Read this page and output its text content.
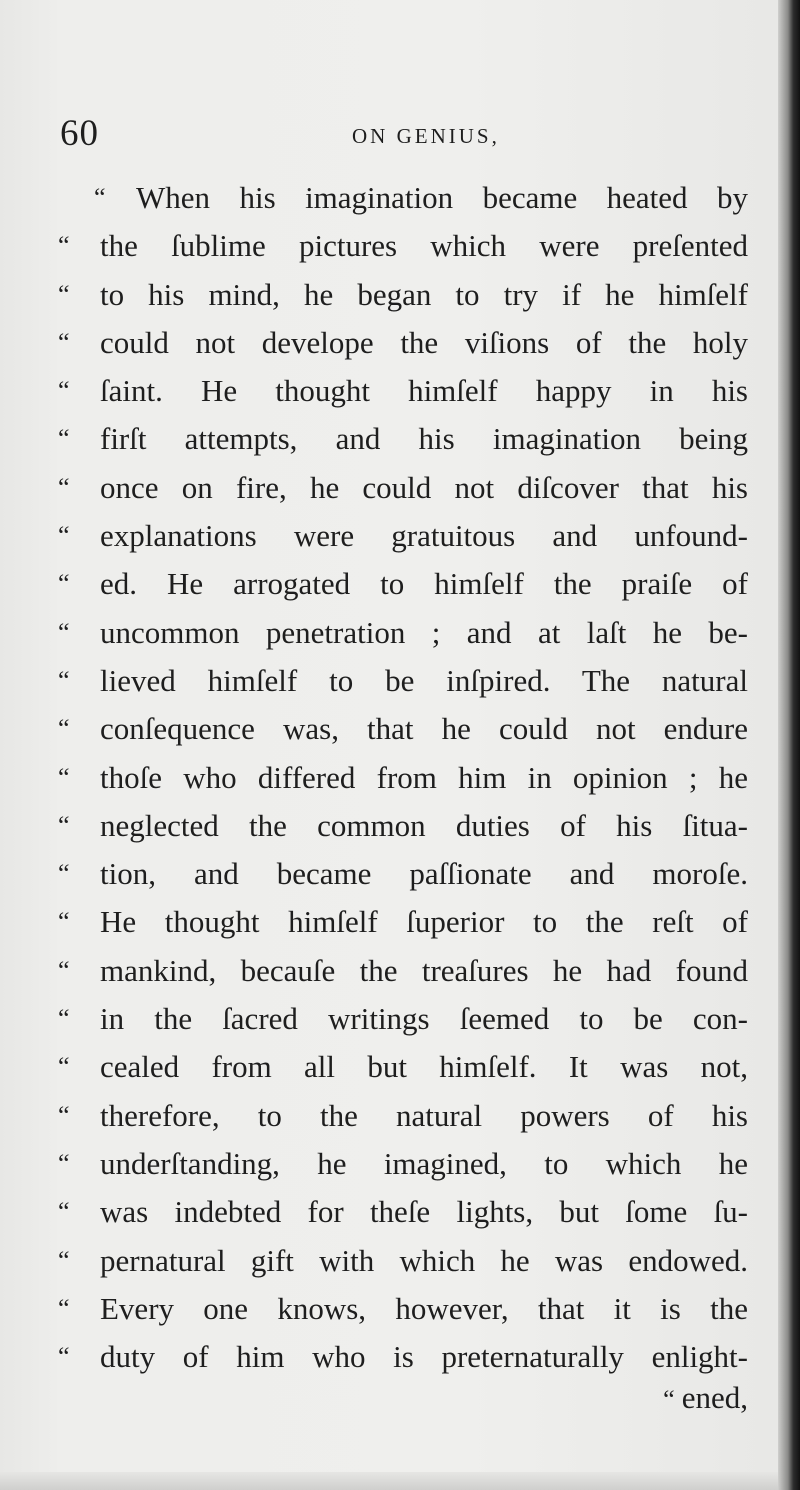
60	ON GENIUS,
“ When his imagination became heated by
“ the ſublime pictures which were preſented
“ to his mind, he began to try if he himſelf
“ could not develope the viſions of the holy
“ ſaint. He thought himſelf happy in his
“ firſt attempts, and his imagination being
“ once on fire, he could not diſcover that his
“ explanations were gratuitous and unfound-
“ ed. He arrogated to himſelf the praiſe of
“ uncommon penetration ; and at laſt he be-
“ lieved himſelf to be inſpired. The natural
“ conſequence was, that he could not endure
“ thoſe who differed from him in opinion ; he
“ neglected the common duties of his ſitua-
“ tion, and became paſſionate and moroſe.
“ He thought himſelf ſuperior to the reſt of
“ mankind, becauſe the treaſures he had found
“ in the ſacred writings ſeemed to be con-
“ cealed from all but himſelf. It was not,
“ therefore, to the natural powers of his
“ underſtanding, he imagined, to which he
“ was indebted for theſe lights, but ſome ſu-
“ pernatural gift with which he was endowed.
“ Every one knows, however, that it is the
“ duty of him who is preternaturally enlight-
“ ened,
